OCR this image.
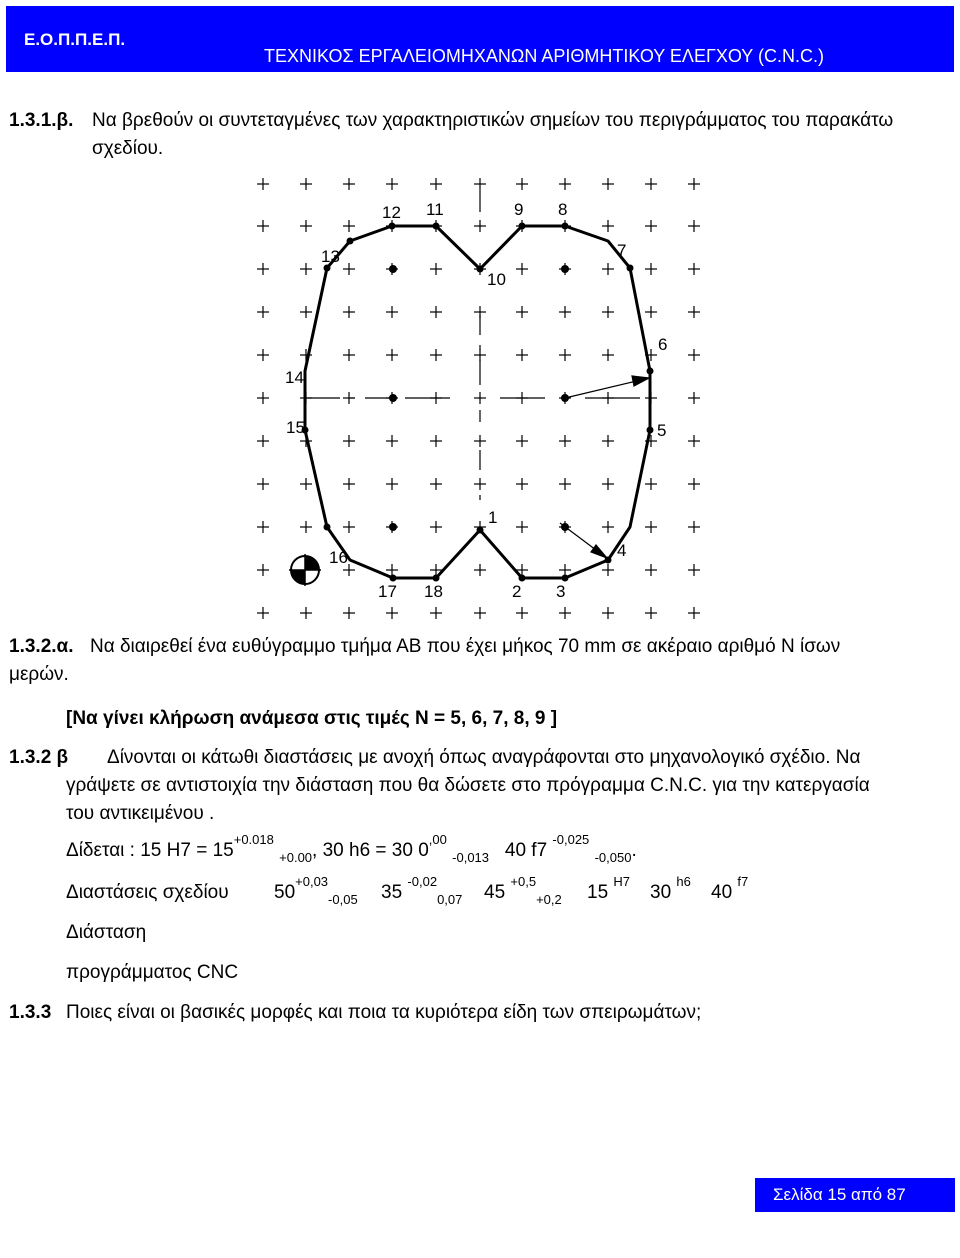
Ε.Ο.Π.Π.Ε.Π.
ΤΕΧΝΙΚΟΣ ΕΡΓΑΛΕΙΟΜΗΧΑΝΩΝ ΑΡΙΘΜΗΤΙΚΟΥ ΕΛΕΓΧΟΥ (C.N.C.)
1.3.1.β. Να βρεθούν οι συντεταγμένες των χαρακτηριστικών σημείων του περιγράμματος του παρακάτω
σχεδίου.
1
2 3
4
5
6
7
8
9
10
11
12
13
14
15
16
17 18
1.3.2.α. Να διαιρεθεί ένα ευθύγραμμο τμήμα ΑΒ που έχει μήκος 70 mm σε ακέραιο αριθμό Ν ίσων
μερών.
[Να γίνει κλήρωση ανάμεσα στις τιμές Ν = 5, 6, 7, 8, 9 ]
1.3.2 β Δίνονται οι κάτωθι διαστάσεις με ανοχή όπως αναγράφονται στο μηχανολογικό σχέδιο. Να
γράψετε σε αντιστοιχία την διάσταση που θα δώσετε στο πρόγραμμα C.N.C. για την κατεργασία
του αντικειμένου .
Δίδεται : 15 $H7 = 15^{+0.018}$ $_{+0.00}$, 30 h6 = 30 $0^{,00}$ $_{-0,013}$ 40 f7 $^{-0,025}$ $_{-0,050}$.
Διαστάσεις σχεδίου $50^{+0,03}_{-0,05}$ 35 $^{-0,02}_{0,07}$ 45 $^{+0,5}_{+0,2}$ 15 $^{H7}$
30 $^{h6}$
40 $^{f7}$
Διάσταση
προγράμματος CNC
1.3.3 Ποιες είναι οι βασικές μορφές και ποια τα κυριότερα είδη των σπειρωμάτων;
Σελίδα 15 από 87
